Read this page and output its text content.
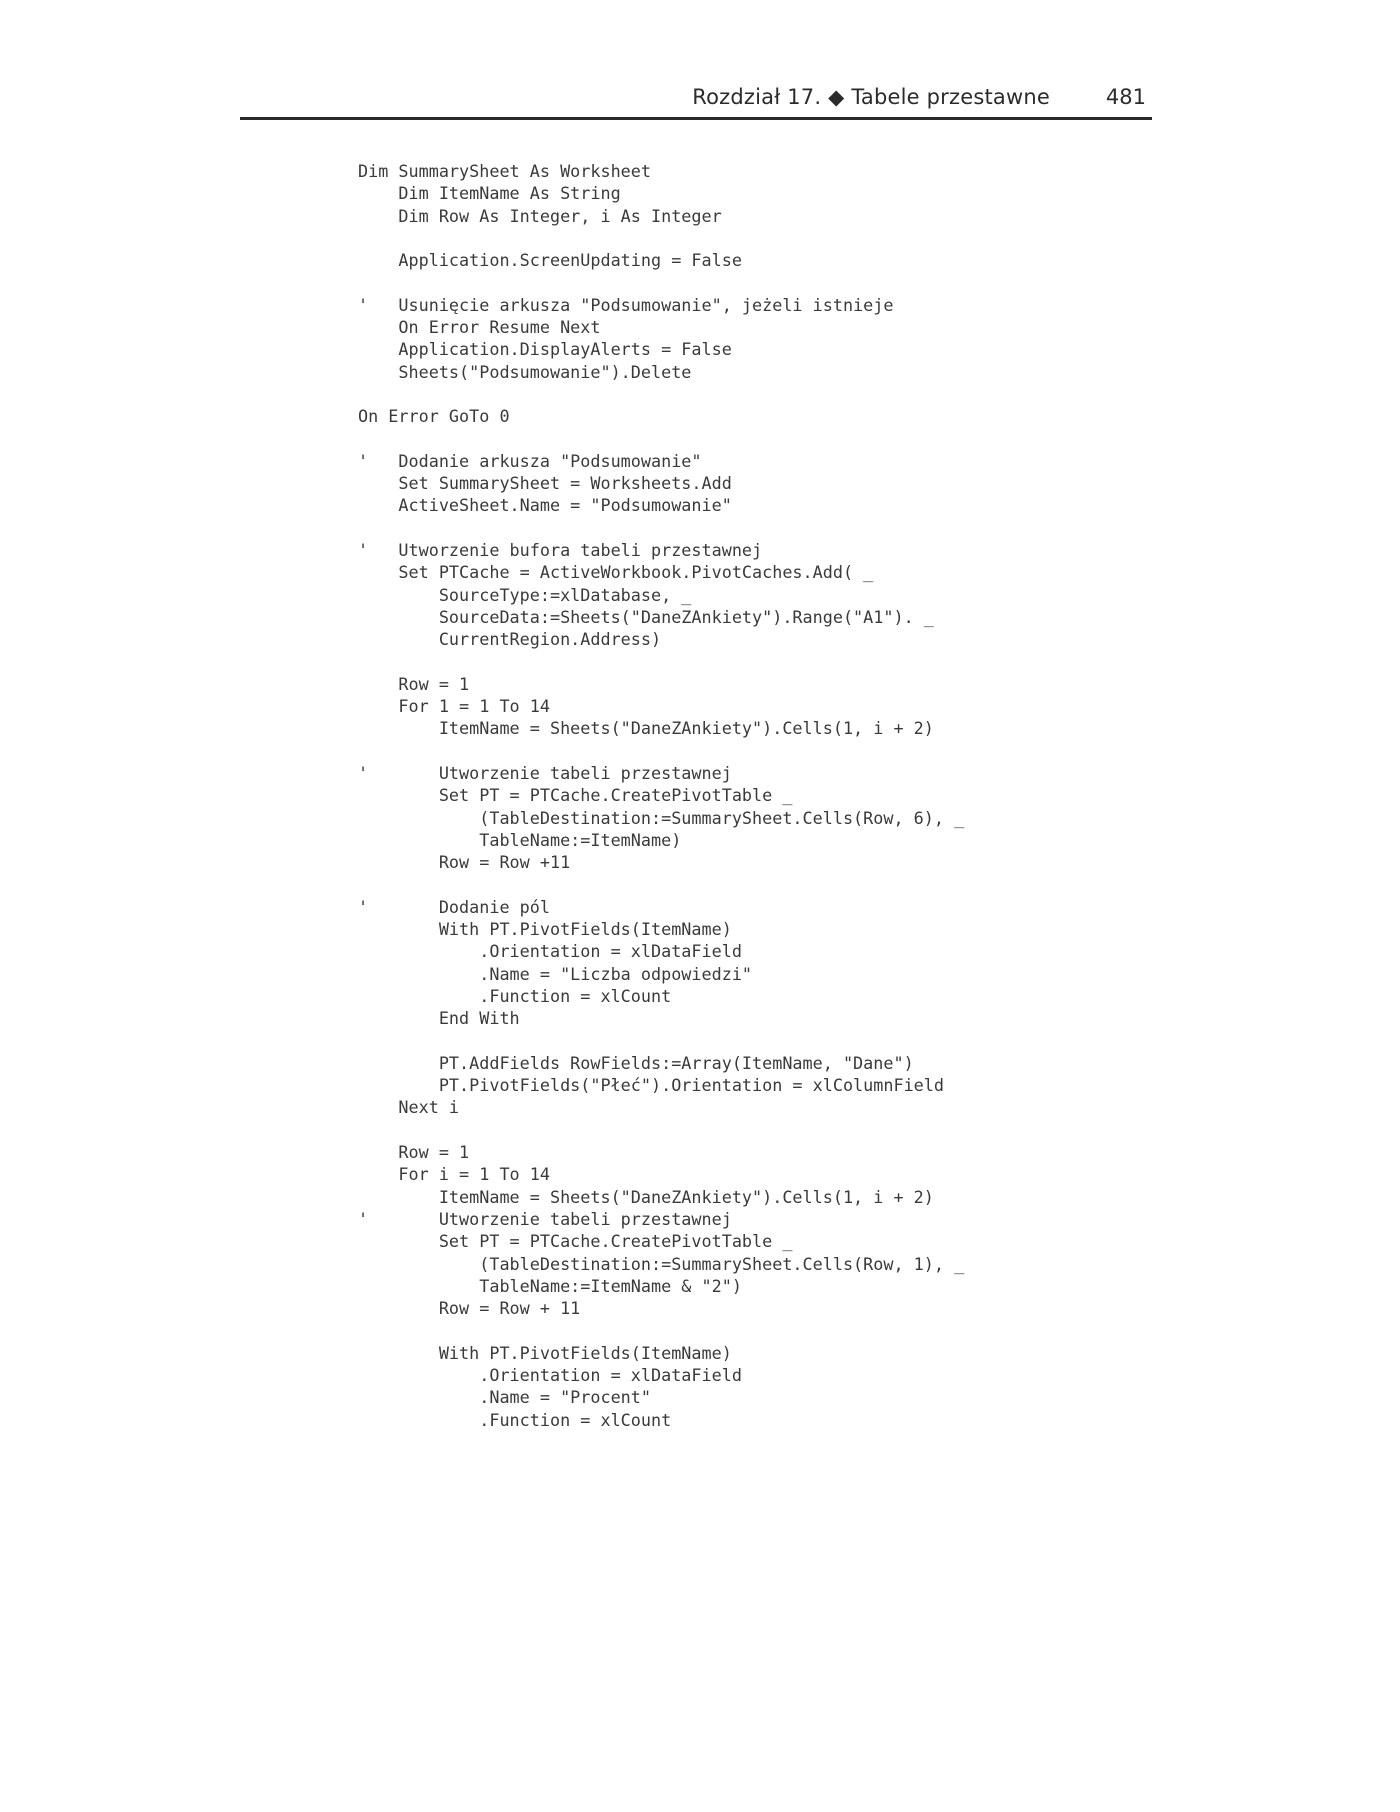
Rozdział 17. ◆ Tabele przestawne	481
Dim SummarySheet As Worksheet
Dim ItemName As String
Dim Row As Integer, i As Integer
Application.ScreenUpdating = False
'   Usunięcie arkusza "Podsumowanie", jeżeli istnieje
On Error Resume Next
Application.DisplayAlerts = False
Sheets("Podsumowanie").Delete
On Error GoTo 0
'   Dodanie arkusza "Podsumowanie"
Set SummarySheet = Worksheets.Add
ActiveSheet.Name = "Podsumowanie"
'   Utworzenie bufora tabeli przestawnej
Set PTCache = ActiveWorkbook.PivotCaches.Add( _
SourceType:=xlDatabase, _
SourceData:=Sheets("DaneZAnkiety").Range("A1"). _
CurrentRegion.Address)
Row = 1
For 1 = 1 To 14
ItemName = Sheets("DaneZAnkiety").Cells(1, i + 2)
'       Utworzenie tabeli przestawnej
Set PT = PTCache.CreatePivotTable _
(TableDestination:=SummarySheet.Cells(Row, 6), _
TableName:=ItemName)
Row = Row +11
'       Dodanie pól
With PT.PivotFields(ItemName)
.Orientation = xlDataField
.Name = "Liczba odpowiedzi"
.Function = xlCount
End With
PT.AddFields RowFields:=Array(ItemName, "Dane")
PT.PivotFields("Płeć").Orientation = xlColumnField
Next i
Row = 1
For i = 1 To 14
ItemName = Sheets("DaneZAnkiety").Cells(1, i + 2)
'       Utworzenie tabeli przestawnej
Set PT = PTCache.CreatePivotTable _
(TableDestination:=SummarySheet.Cells(Row, 1), _
TableName:=ItemName & "2")
Row = Row + 11
With PT.PivotFields(ItemName)
.Orientation = xlDataField
.Name = "Procent"
.Function = xlCount
